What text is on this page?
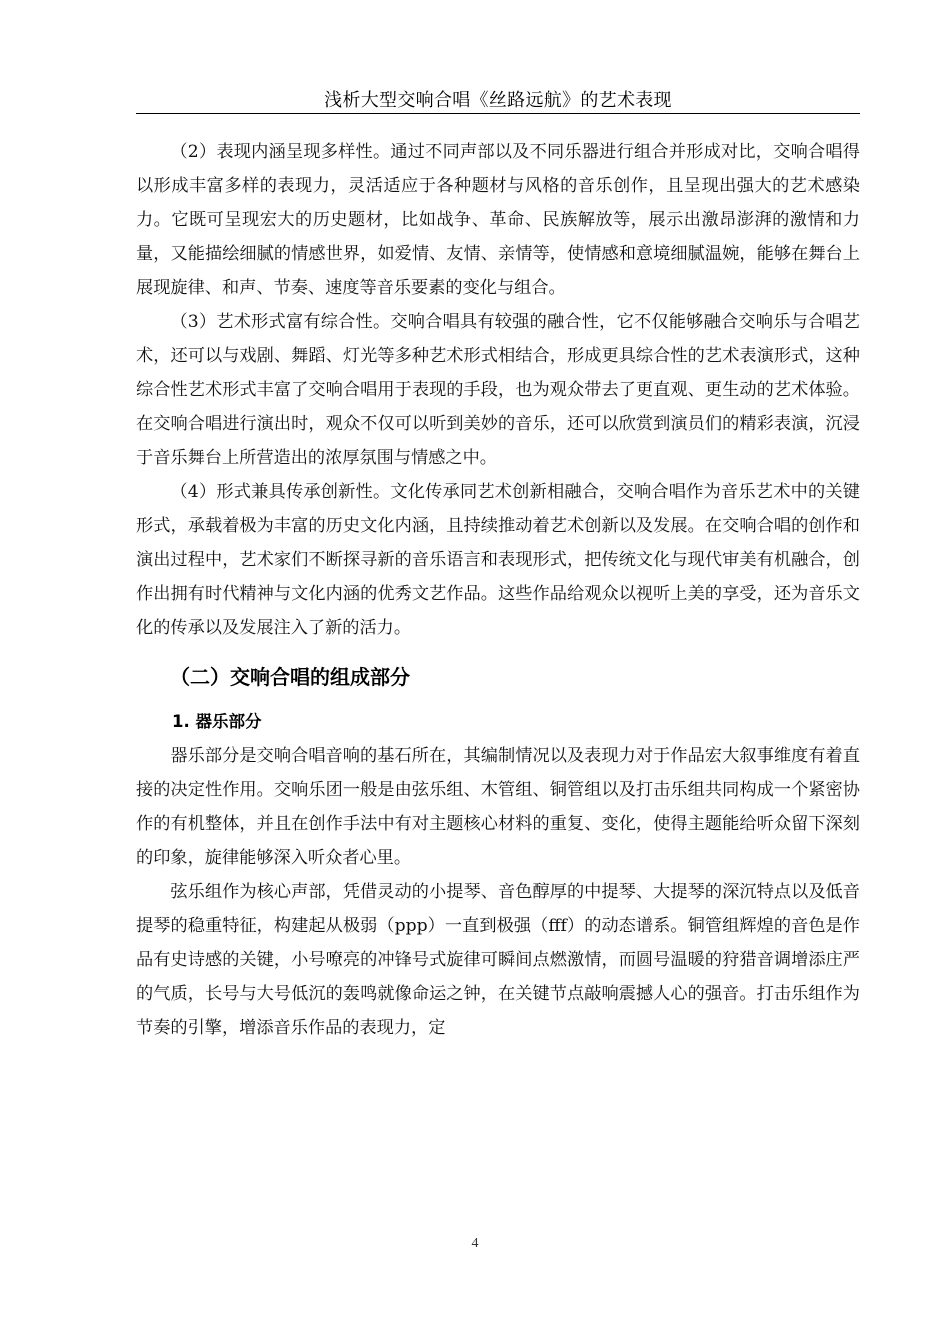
浅析大型交响合唱《丝路远航》的艺术表现

（2）表现内涵呈现多样性。通过不同声部以及不同乐器进行组合并形成对比，交响合唱得以形成丰富多样的表现力，灵活适应于各种题材与风格的音乐创作，且呈现出强大的艺术感染力。它既可呈现宏大的历史题材，比如战争、革命、民族解放等，展示出激昂澎湃的激情和力量，又能描绘细腻的情感世界，如爱情、友情、亲情等，使情感和意境细腻温婉，能够在舞台上展现旋律、和声、节奏、速度等音乐要素的变化与组合。

（3）艺术形式富有综合性。交响合唱具有较强的融合性，它不仅能够融合交响乐与合唱艺术，还可以与戏剧、舞蹈、灯光等多种艺术形式相结合，形成更具综合性的艺术表演形式，这种综合性艺术形式丰富了交响合唱用于表现的手段，也为观众带去了更直观、更生动的艺术体验。在交响合唱进行演出时，观众不仅可以听到美妙的音乐，还可以欣赏到演员们的精彩表演，沉浸于音乐舞台上所营造出的浓厚氛围与情感之中。

（4）形式兼具传承创新性。文化传承同艺术创新相融合，交响合唱作为音乐艺术中的关键形式，承载着极为丰富的历史文化内涵，且持续推动着艺术创新以及发展。在交响合唱的创作和演出过程中，艺术家们不断探寻新的音乐语言和表现形式，把传统文化与现代审美有机融合，创作出拥有时代精神与文化内涵的优秀文艺作品。这些作品给观众以视听上美的享受，还为音乐文化的传承以及发展注入了新的活力。

（二）交响合唱的组成部分
1. 器乐部分

器乐部分是交响合唱音响的基石所在，其编制情况以及表现力对于作品宏大叙事维度有着直接的决定性作用。交响乐团一般是由弦乐组、木管组、铜管组以及打击乐组共同构成一个紧密协作的有机整体，并且在创作手法中有对主题核心材料的重复、变化，使得主题能给听众留下深刻的印象，旋律能够深入听众者心里。

弦乐组作为核心声部，凭借灵动的小提琴、音色醇厚的中提琴、大提琴的深沉特点以及低音提琴的稳重特征，构建起从极弱（ppp）一直到极强（fff）的动态谱系。铜管组辉煌的音色是作品有史诗感的关键，小号嘹亮的冲锋号式旋律可瞬间点燃激情，而圆号温暖的狩猎音调增添庄严的气质，长号与大号低沉的轰鸣就像命运之钟，在关键节点敲响震撼人心的强音。打击乐组作为节奏的引擎，增添音乐作品的表现力，定

4
